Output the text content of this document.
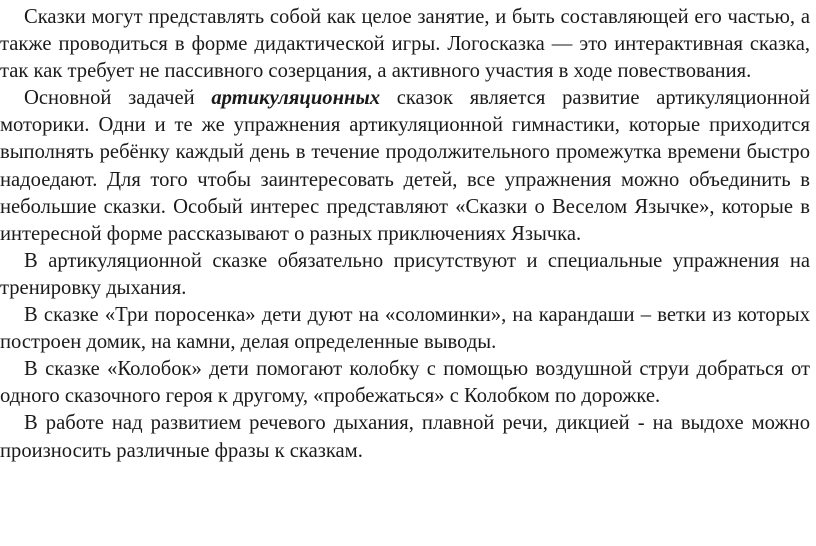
Сказки могут представлять собой как целое занятие, и быть составляющей его частью, а также проводиться в форме дидактической игры. Логосказка — это интерактивная сказка, так как требует не пассивного созерцания, а активного участия в ходе повествования.

Основной задачей артикуляционных сказок является развитие артикуляционной моторики. Одни и те же упражнения артикуляционной гимнастики, которые приходится выполнять ребёнку каждый день в течение продолжительного промежутка времени быстро надоедают. Для того чтобы заинтересовать детей, все упражнения можно объединить в небольшие сказки. Особый интерес представляют «Сказки о Веселом Язычке», которые в интересной форме рассказывают о разных приключениях Язычка.

В артикуляционной сказке обязательно присутствуют и специальные упражнения на тренировку дыхания.

В сказке «Три поросенка» дети дуют на «соломинки», на карандаши – ветки из которых построен домик, на камни, делая определенные выводы.

В сказке «Колобок» дети помогают колобку с помощью воздушной струи добраться от одного сказочного героя к другому, «пробежаться» с Колобком по дорожке.

В работе над развитием речевого дыхания, плавной речи, дикцией - на выдохе можно произносить различные фразы к сказкам.
